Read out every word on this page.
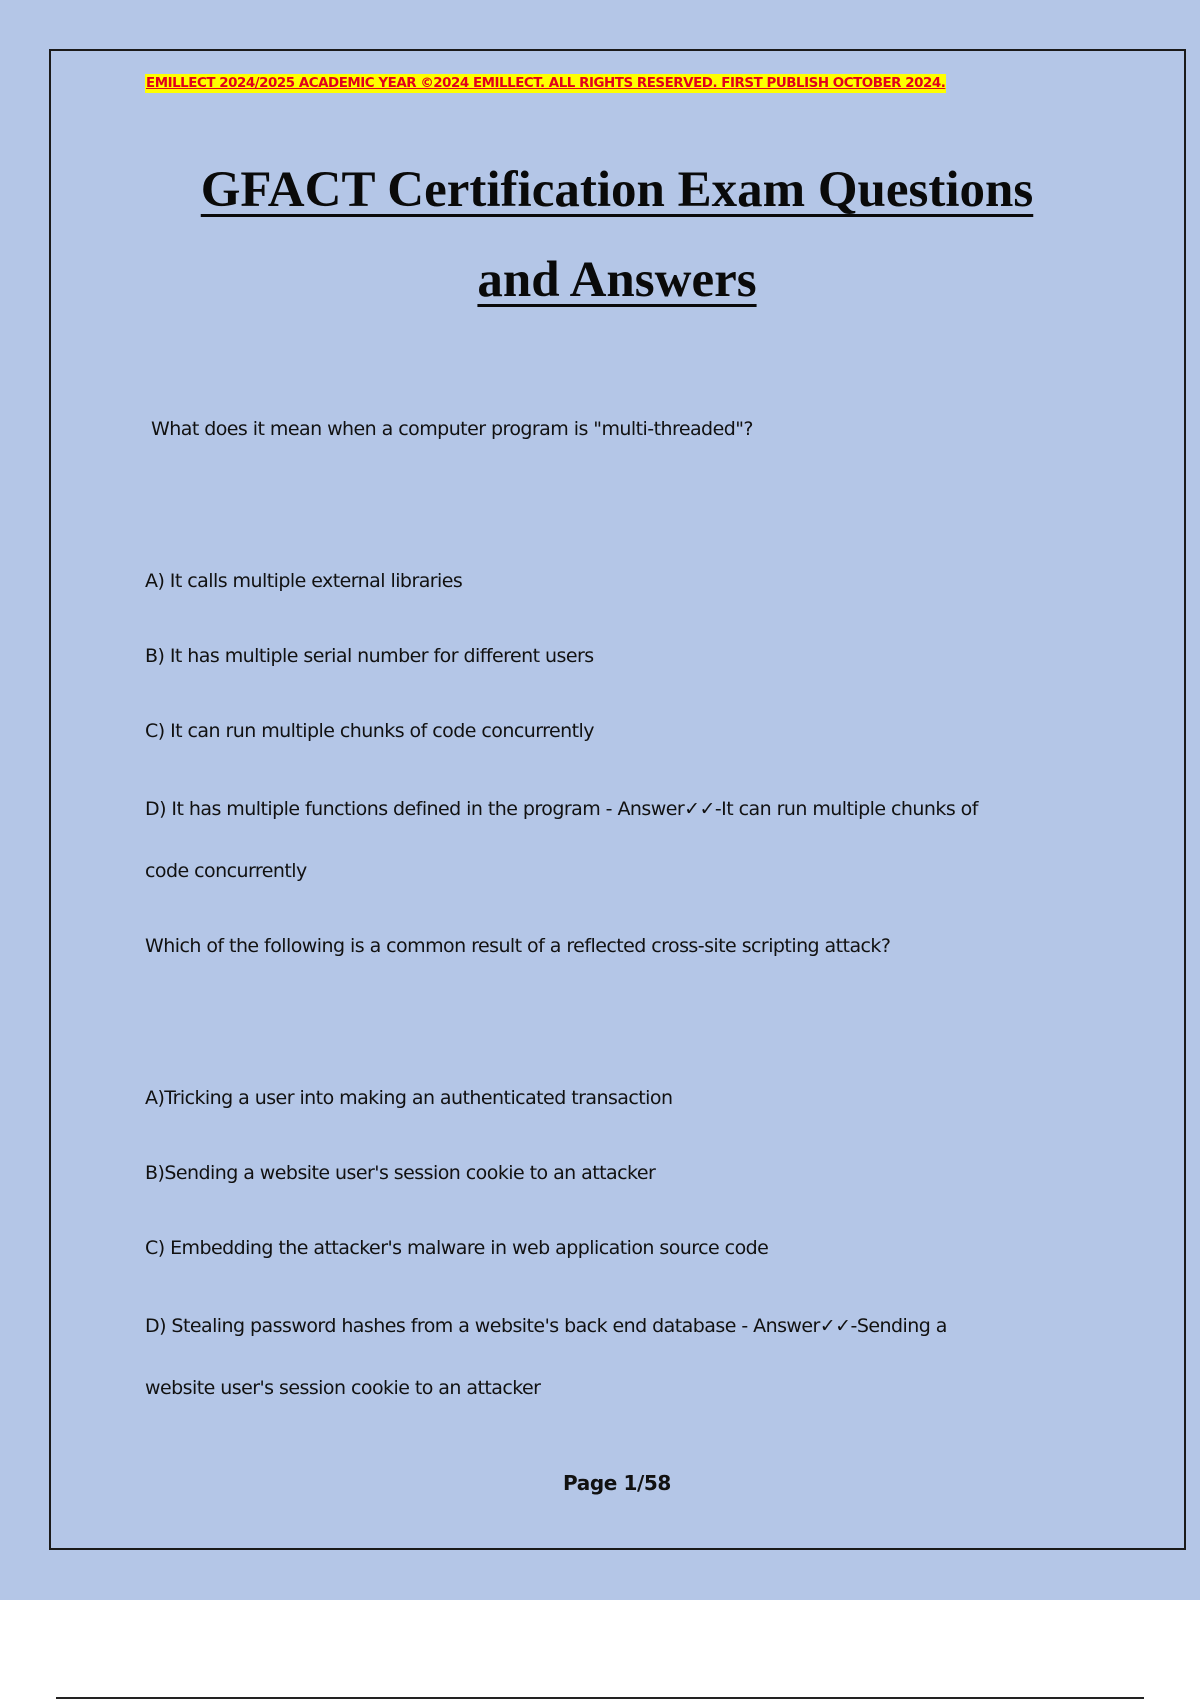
EMILLECT 2024/2025 ACADEMIC YEAR ©2024 EMILLECT. ALL RIGHTS RESERVED. FIRST PUBLISH OCTOBER 2024.
GFACT Certification Exam Questions
and Answers
What does it mean when a computer program is "multi-threaded"?
A) It calls multiple external libraries
B) It has multiple serial number for different users
C) It can run multiple chunks of code concurrently
D) It has multiple functions defined in the program - Answer✓✓-It can run multiple chunks of
code concurrently
Which of the following is a common result of a reflected cross-site scripting attack?
A)Tricking a user into making an authenticated transaction
B)Sending a website user's session cookie to an attacker
C) Embedding the attacker's malware in web application source code
D) Stealing password hashes from a website's back end database - Answer✓✓-Sending a
website user's session cookie to an attacker
Page 1/58
